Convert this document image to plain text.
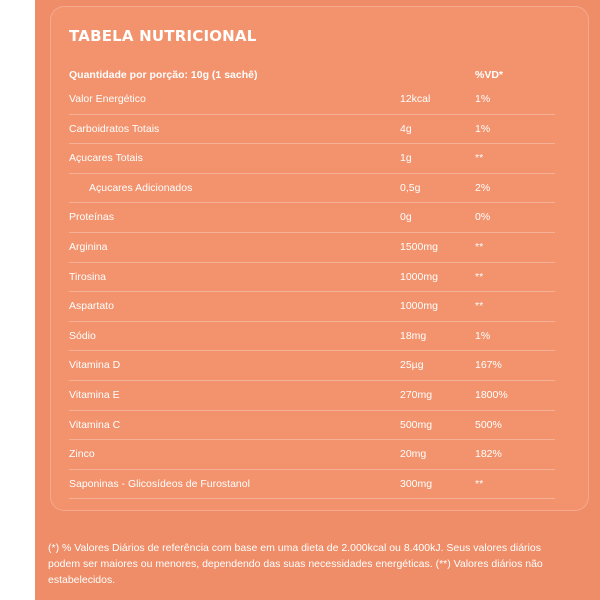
TABELA NUTRICIONAL
Quantidade por porção: 10g (1 sachê)	%VD*
Valor Energético	12kcal	1%
Carboidratos Totais	4g	1%
Açucares Totais	1g	**
Açucares Adicionados	0,5g	2%
Proteínas	0g	0%
Arginina	1500mg	**
Tirosina	1000mg	**
Aspartato	1000mg	**
Sódio	18mg	1%
Vitamina D	25µg	167%
Vitamina E	270mg	1800%
Vitamina C	500mg	500%
Zinco	20mg	182%
Saponinas - Glicosídeos de Furostanol	300mg	**

(*) % Valores Diários de referência com base em uma dieta de 2.000kcal ou 8.400kJ. Seus valores diários podem ser maiores ou menores, dependendo das suas necessidades energéticas. (**) Valores diários não estabelecidos.
